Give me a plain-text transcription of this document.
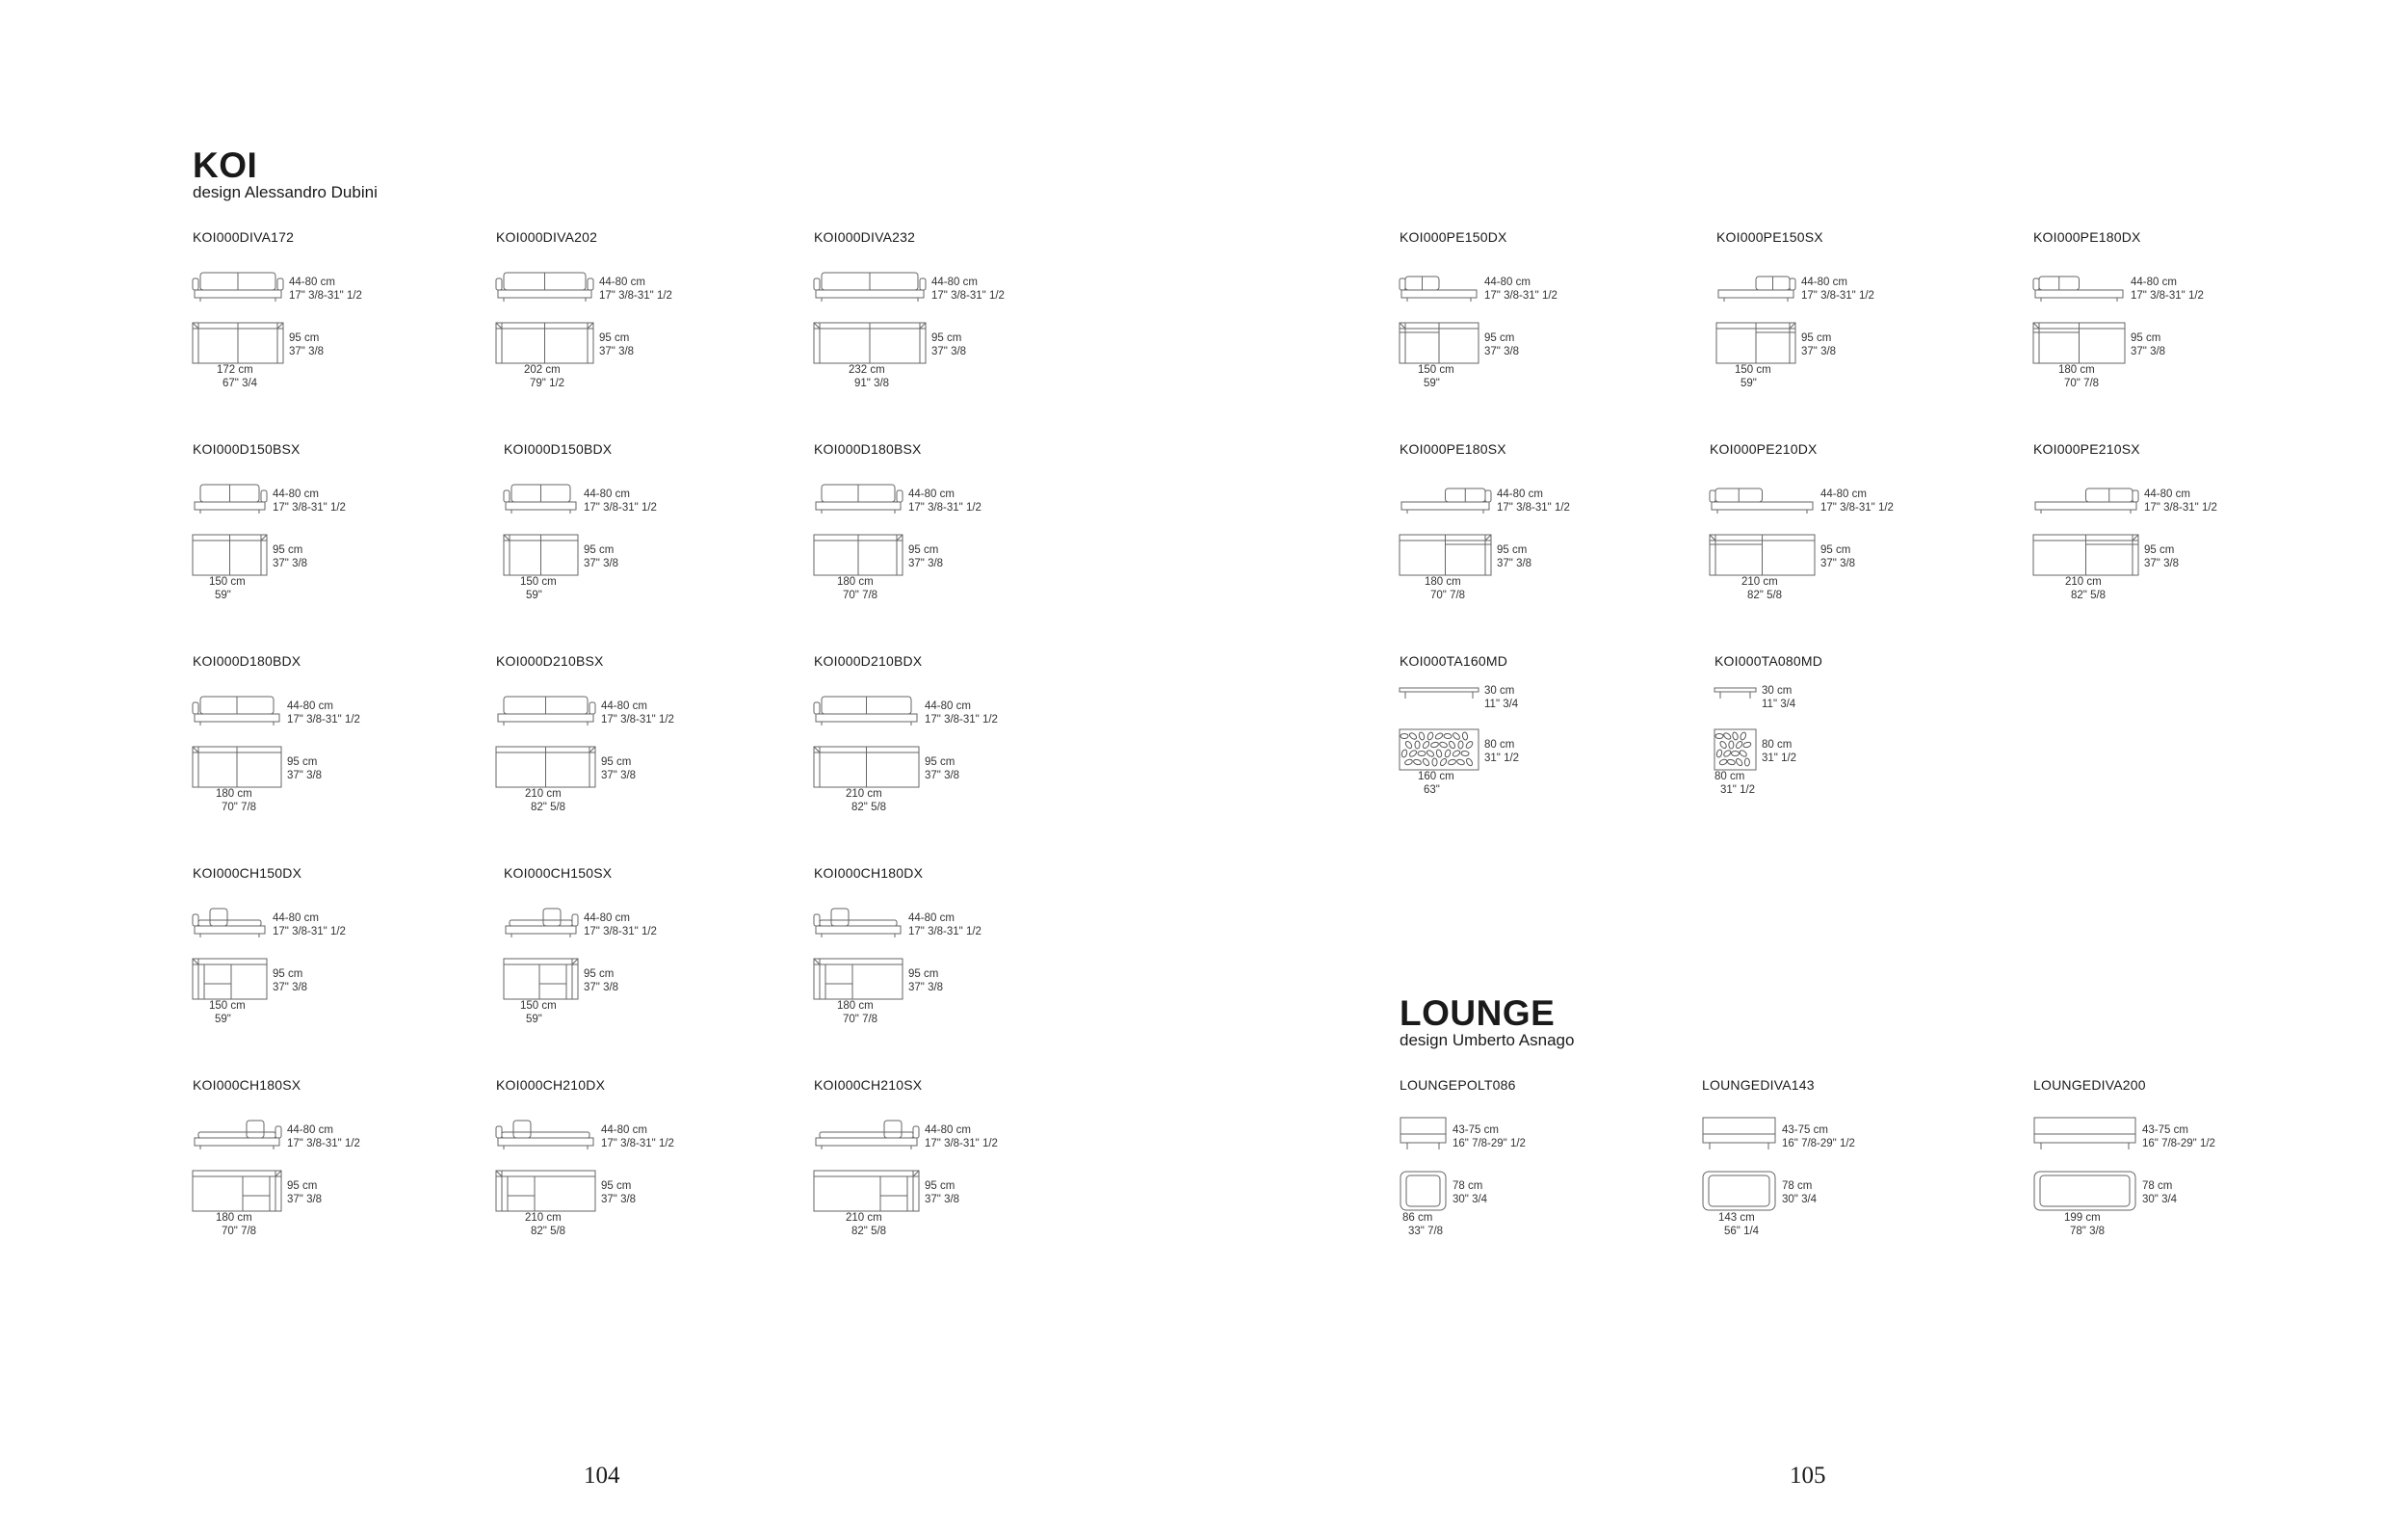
KOI
design Alessandro Dubini
LOUNGE
design Umberto Asnago
104	105
KOI000DIVA172
44-80 cm
17" 3/8-31" 1/2
95 cm
37" 3/8
172 cm
67" 3/4
KOI000DIVA202
44-80 cm
17" 3/8-31" 1/2
95 cm
37" 3/8
202 cm
79" 1/2
KOI000DIVA232
44-80 cm
17" 3/8-31" 1/2
95 cm
37" 3/8
232 cm
91" 3/8
KOI000D150BSX
44-80 cm
17" 3/8-31" 1/2
95 cm
37" 3/8
150 cm
59"
KOI000D150BDX
44-80 cm
17" 3/8-31" 1/2
95 cm
37" 3/8
150 cm
59"
KOI000D180BSX
44-80 cm
17" 3/8-31" 1/2
95 cm
37" 3/8
180 cm
70" 7/8
KOI000D180BDX
44-80 cm
17" 3/8-31" 1/2
95 cm
37" 3/8
180 cm
70" 7/8
KOI000D210BSX
44-80 cm
17" 3/8-31" 1/2
95 cm
37" 3/8
210 cm
82" 5/8
KOI000D210BDX
44-80 cm
17" 3/8-31" 1/2
95 cm
37" 3/8
210 cm
82" 5/8
KOI000CH150DX
44-80 cm
17" 3/8-31" 1/2
95 cm
37" 3/8
150 cm
59"
KOI000CH150SX
44-80 cm
17" 3/8-31" 1/2
95 cm
37" 3/8
150 cm
59"
KOI000CH180DX
44-80 cm
17" 3/8-31" 1/2
95 cm
37" 3/8
180 cm
70" 7/8
KOI000CH180SX
44-80 cm
17" 3/8-31" 1/2
95 cm
37" 3/8
180 cm
70" 7/8
KOI000CH210DX
44-80 cm
17" 3/8-31" 1/2
95 cm
37" 3/8
210 cm
82" 5/8
KOI000CH210SX
44-80 cm
17" 3/8-31" 1/2
95 cm
37" 3/8
210 cm
82" 5/8
KOI000PE150DX
44-80 cm
17" 3/8-31" 1/2
95 cm
37" 3/8
150 cm
59"
KOI000PE150SX
44-80 cm
17" 3/8-31" 1/2
95 cm
37" 3/8
150 cm
59"
KOI000PE180DX
44-80 cm
17" 3/8-31" 1/2
95 cm
37" 3/8
180 cm
70" 7/8
KOI000PE180SX
44-80 cm
17" 3/8-31" 1/2
95 cm
37" 3/8
180 cm
70" 7/8
KOI000PE210DX
44-80 cm
17" 3/8-31" 1/2
95 cm
37" 3/8
210 cm
82" 5/8
KOI000PE210SX
44-80 cm
17" 3/8-31" 1/2
95 cm
37" 3/8
210 cm
82" 5/8
KOI000TA160MD
30 cm
11" 3/4
80 cm
31" 1/2
160 cm
63"
KOI000TA080MD
30 cm
11" 3/4
80 cm
31" 1/2
80 cm
31" 1/2
LOUNGEPOLT086
43-75 cm
16" 7/8-29" 1/2
78 cm
30" 3/4
86 cm
33" 7/8
LOUNGEDIVA143
43-75 cm
16" 7/8-29" 1/2
78 cm
30" 3/4
143 cm
56" 1/4
LOUNGEDIVA200
43-75 cm
16" 7/8-29" 1/2
78 cm
30" 3/4
199 cm
78" 3/8
